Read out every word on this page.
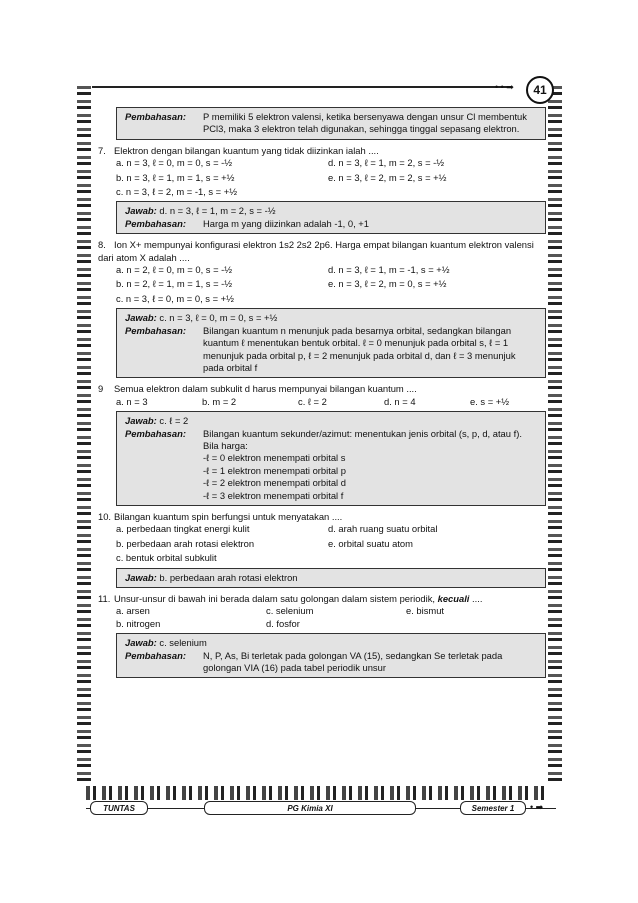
• • ➡	41
Pembahasan:	P memiliki 5 elektron valensi, ketika bersenyawa dengan unsur Cl membentuk PCl3, maka 3 elektron telah digunakan, sehingga tinggal sepasang elektron.
7. Elektron dengan bilangan kuantum yang tidak diizinkan ialah ....
a. n = 3, ℓ = 0, m = 0, s = -½	d. n = 3, ℓ = 1, m = 2, s = -½
b. n = 3, ℓ = 1, m = 1, s = +½	e. n = 3, ℓ = 2, m = 2, s = +½
c. n = 3, ℓ = 2, m = -1, s = +½
Jawab: d. n = 3, ℓ = 1, m = 2, s = -½
Pembahasan:	Harga m yang diizinkan adalah -1, 0, +1
8. Ion X+ mempunyai konfigurasi elektron 1s2 2s2 2p6. Harga empat bilangan kuantum elektron valensi dari atom X adalah ....
a. n = 2, ℓ = 0, m = 0, s = -½	d. n = 3, ℓ = 1, m = -1, s = +½
b. n = 2, ℓ = 1, m = 1, s = -½	e. n = 3, ℓ = 2, m = 0, s = +½
c. n = 3, ℓ = 0, m = 0, s = +½
Jawab: c. n = 3, ℓ = 0, m = 0, s = +½
Pembahasan:	Bilangan kuantum n menunjuk pada besarnya orbital, sedangkan bilangan kuantum ℓ menentukan bentuk orbital. ℓ = 0 menunjuk pada orbital s, ℓ = 1 menunjuk pada orbital p, ℓ = 2 menunjuk pada orbital d, dan ℓ = 3 menunjuk pada orbital f
9 Semua elektron dalam subkulit d harus mempunyai bilangan kuantum ....
a. n = 3	b. m = 2	c. ℓ = 2	d. n = 4	e. s = +½
Jawab: c. ℓ = 2
Pembahasan:	Bilangan kuantum sekunder/azimut: menentukan jenis orbital (s, p, d, atau f). Bila harga:
-ℓ = 0 elektron menempati orbital s
-ℓ = 1 elektron menempati orbital p
-ℓ = 2 elektron menempati orbital d
-ℓ = 3 elektron menempati orbital f
10. Bilangan kuantum spin berfungsi untuk menyatakan ....
a. perbedaan tingkat energi kulit	d. arah ruang suatu orbital
b. perbedaan arah rotasi elektron	e. orbital suatu atom
c. bentuk orbital subkulit
Jawab: b. perbedaan arah rotasi elektron
11. Unsur-unsur di bawah ini berada dalam satu golongan dalam sistem periodik, kecuali ....
a. arsen	c. selenium	e. bismut
b. nitrogen	d. fosfor
Jawab: c. selenium
Pembahasan:	N, P, As, Bi terletak pada golongan VA (15), sedangkan Se terletak pada golongan VIA (16) pada tabel periodik unsur
TUNTAS	PG Kimia XI	Semester 1	• ➡
